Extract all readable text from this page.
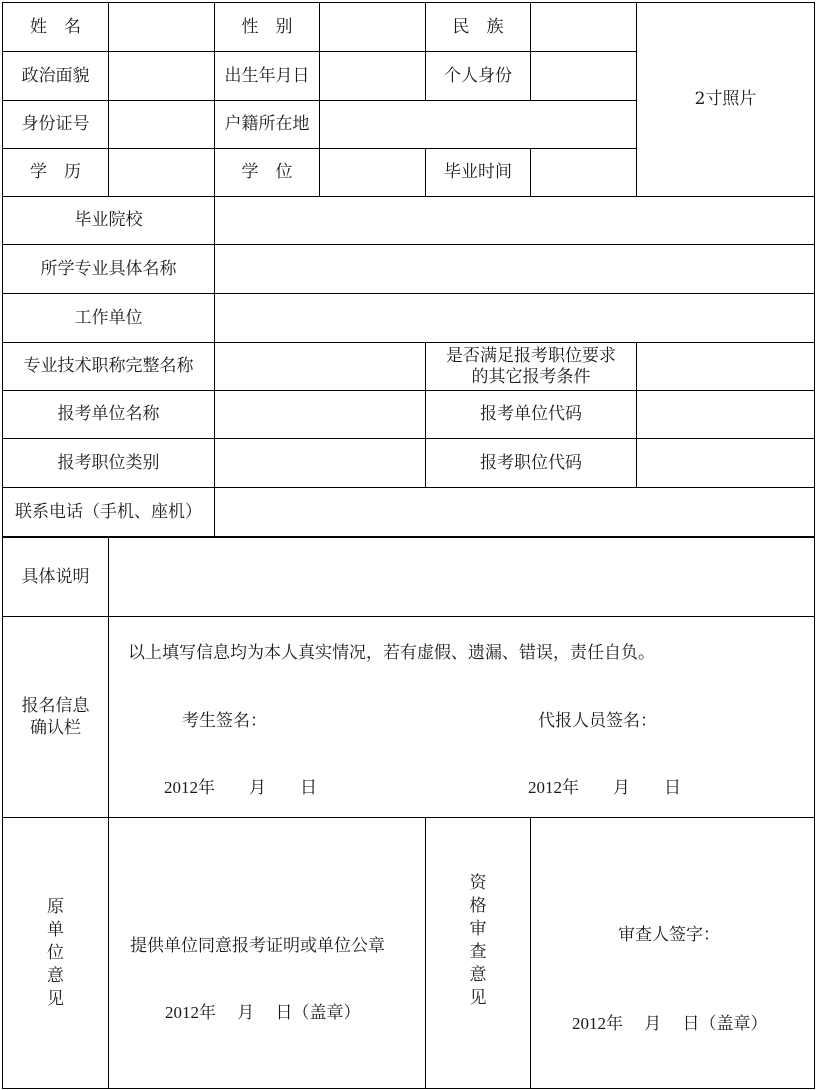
姓　名	性　别	民　族
2寸照片
政治面貌	出生年月日	个人身份
身份证号	户籍所在地
学　历	学　位	毕业时间
毕业院校
所学专业具体名称
工作单位
专业技术职称完整名称
是否满足报考职位要求
的其它报考条件
报考单位名称	报考单位代码
报考职位类别	报考职位代码
联系电话（手机、座机）
具体说明
报名信息
确认栏
以上填写信息均为本人真实情况，若有虚假、遗漏、错误，责任自负。
考生签名：	代报人员签名：
2012年　　月　　日	2012年　　月　　日
原
单
位
意
见
提供单位同意报考证明或单位公章
2012年　 月　 日（盖章）
资
格
审
查
意
见
审查人签字：
2012年　 月　 日（盖章）
